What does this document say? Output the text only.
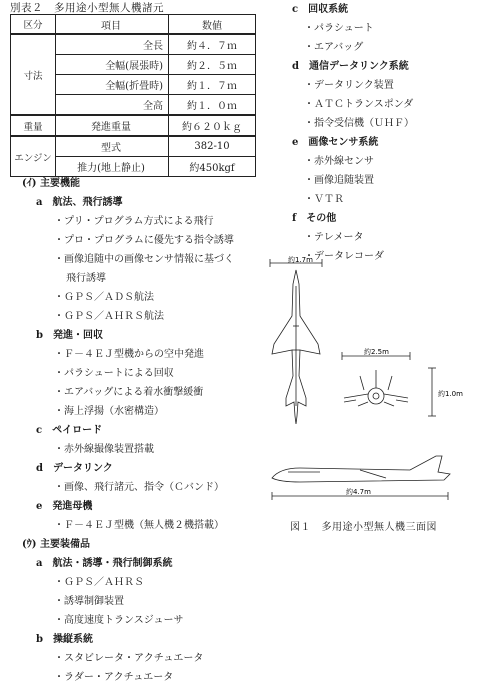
別表２　多用途小型無人機諸元
区分	項目	数値
寸法	全長	約４．７ｍ
	全幅(展張時)	約２．５ｍ
	全幅(折畳時)	約１．７ｍ
	全高	約１．０ｍ
重量	発進重量	約６２０ｋｇ
エンジン	型式	382-10
	推力(地上静止)	約450kgf
(ｲ) 主要機能
a　航法、飛行誘導
・プリ・プログラム方式による飛行
・プロ・プログラムに優先する指令誘導
・画像追随中の画像センサ情報に基づく
飛行誘導
・ＧＰＳ／ＡＤＳ航法
・ＧＰＳ／ＡＨＲＳ航法
b　発進・回収
・Ｆ－４ＥＪ型機からの空中発進
・パラシュートによる回収
・エアバッグによる着水衝撃緩衝
・海上浮揚（水密構造）
c　ペイロード
・赤外線撮像装置搭載
d　データリンク
・画像、飛行諸元、指令（Ｃバンド）
e　発進母機
・Ｆ－４ＥＪ型機（無人機２機搭載）
(ｳ) 主要装備品
a　航法・誘導・飛行制御系統
・ＧＰＳ／ＡＨＲＳ
・誘導制御装置
・高度速度トランスジューサ
b　操縦系統
・スタビレータ・アクチュエータ
・ラダー・アクチュエータ
c　回収系統
・パラシュート
・エアバッグ
d　通信データリンク系統
・データリンク装置
・ＡＴＣトランスポンダ
・指令受信機（ＵＨＦ）
e　画像センサ系統
・赤外線センサ
・画像追随装置
・ＶＴＲ
f　その他
・テレメータ
・データレコーダ
約1.7m
約2.5m
約1.0m
約4.7m
図１　多用途小型無人機三面図
